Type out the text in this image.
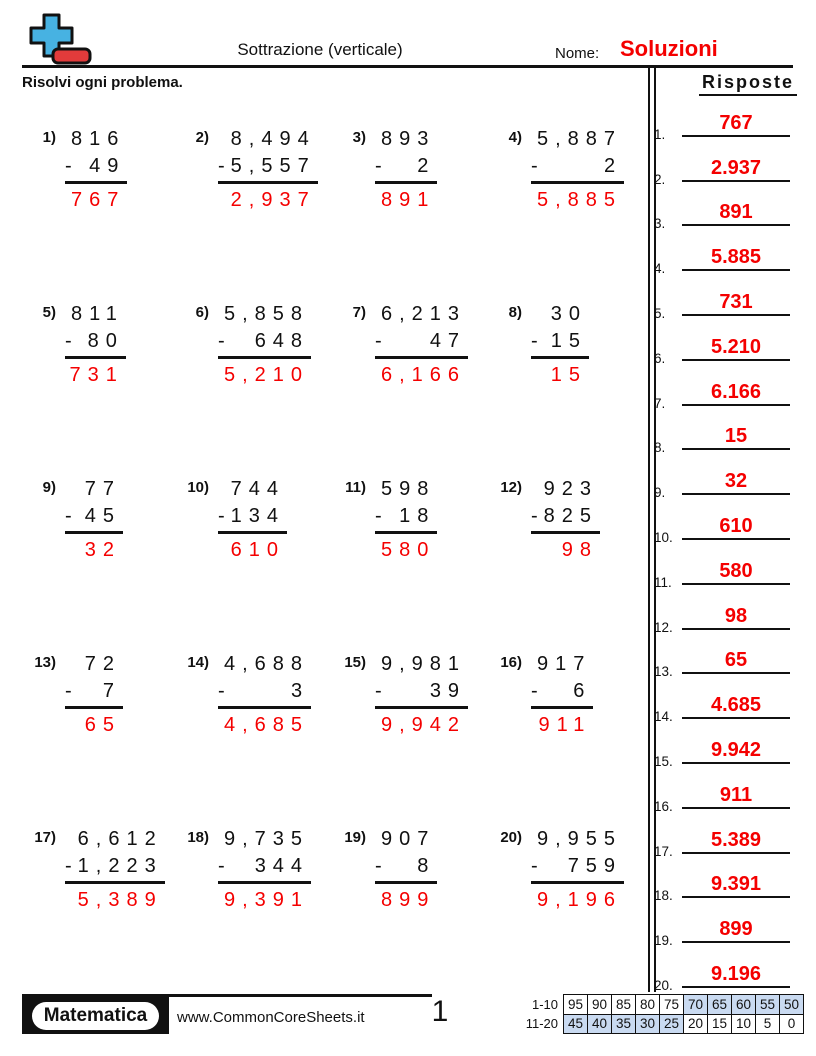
Sottrazione (verticale)	Nome: Soluzioni
Risolvi ogni problema.	Risposte
1.
767
2.
2.937
3.
891
4.
5.885
5.
731
6.
5.210
7.
6.166
8.
15
9.
32
10.
610
11.
580
12.
98
13.
65
14.
4.685
15.
9.942
16.
911
17.
5.389
18.
9.391
19.
899
20.
9.196
1) 816
- 49
767
2)	8,494
- 5,557
2,937
3) 893
- 2
891
4) 5,887
-	2
5,885
5) 811
- 80
731
6) 5,858
- 648
5,210
7) 6,213
- 47
6,166
8)	30
- 15
15
9)	77
- 45
32
10)	744
- 134
610
11) 598
- 18
580
12)	923
- 825
98
13)	72
- 7
65
14) 4,688
-	3
4,685
15) 9,981
- 39
9,942
16) 917
- 6
911
17)	6,612
- 1,223
5,389
18) 9,735
- 344
9,391
19) 907
- 8
899
20) 9,955
- 759
9,196
Matematica	www.CommonCoreSheets.it	1	1-10	95	90	85	80	75	70	65	60	55	50
11-20	45	40	35	30	25	20	15	10	5	0
